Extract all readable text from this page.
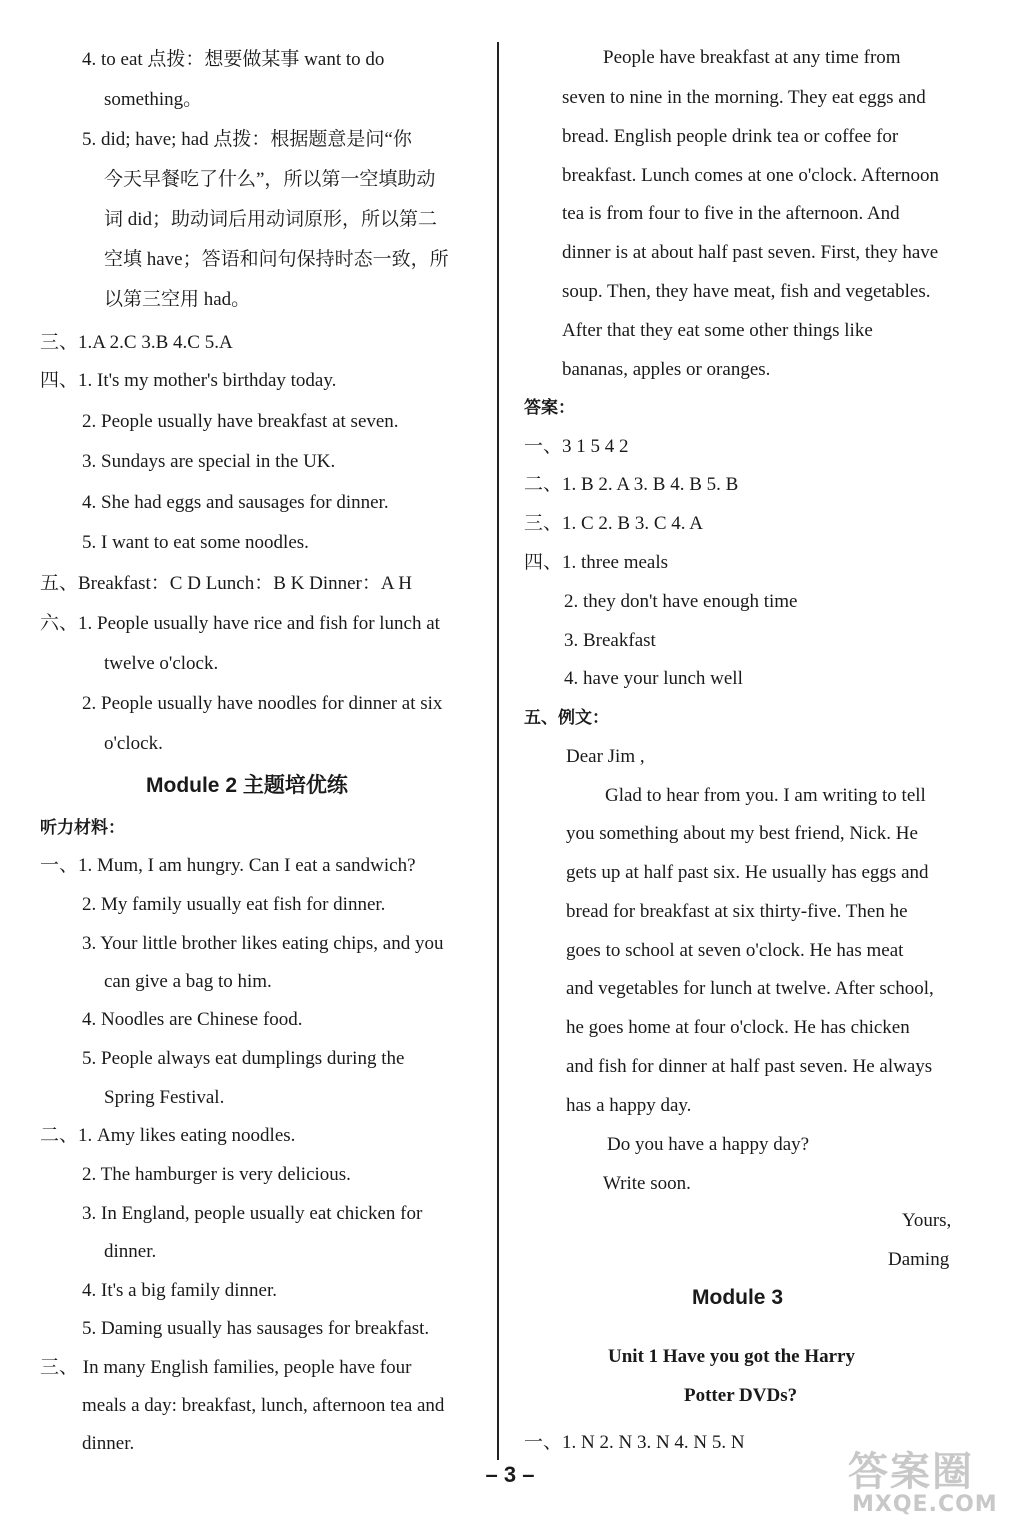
4. to eat 点拨：想要做某事 want to do
something。
5. did; have; had 点拨：根据题意是问“你
今天早餐吃了什么”，所以第一空填助动
词 did；助动词后用动词原形，所以第二
空填 have；答语和问句保持时态一致，所
以第三空用 had。
三、1.A 2.C 3.B 4.C 5.A
四、1. It's my mother's birthday today.
2. People usually have breakfast at seven.
3. Sundays are special in the UK.
4. She had eggs and sausages for dinner.
5. I want to eat some noodles.
五、Breakfast：C D Lunch：B K Dinner：A H
六、1. People usually have rice and fish for lunch at
twelve o'clock.
2. People usually have noodles for dinner at six
o'clock.
听力材料：
一、1. Mum, I am hungry. Can I eat a sandwich?
2. My family usually eat fish for dinner.
3. Your little brother likes eating chips, and you
can give a bag to him.
4. Noodles are Chinese food.
5. People always eat dumplings during the
Spring Festival.
二、1. Amy likes eating noodles.
2. The hamburger is very delicious.
3. In England, people usually eat chicken for
dinner.
4. It's a big family dinner.
5. Daming usually has sausages for breakfast.
三、 In many English families, people have four
meals a day: breakfast, lunch, afternoon tea and
dinner.
Module 2 主题培优练
People have breakfast at any time from
seven to nine in the morning. They eat eggs and
bread. English people drink tea or coffee for
breakfast. Lunch comes at one o'clock. Afternoon
tea is from four to five in the afternoon. And
dinner is at about half past seven. First, they have
soup. Then, they have meat, fish and vegetables.
After that they eat some other things like
bananas, apples or oranges.
答案：
一、3 1 5 4 2
二、1. B 2. A 3. B 4. B 5. B
三、1. C 2. B 3. C 4. A
四、1. three meals
2. they don't have enough time
3. Breakfast
4. have your lunch well
五、例文：
Dear Jim ,
Glad to hear from you. I am writing to tell
you something about my best friend, Nick. He
gets up at half past six. He usually has eggs and
bread for breakfast at six thirty-five. Then he
goes to school at seven o'clock. He has meat
and vegetables for lunch at twelve. After school,
he goes home at four o'clock. He has chicken
and fish for dinner at half past seven. He always
has a happy day.
Do you have a happy day?
Write soon.
Yours,
Daming
Unit 1 Have you got the Harry
Potter DVDs?
一、1. N 2. N 3. N 4. N 5. N
Module 3
– 3 –	答案圈
MXQE.COM
